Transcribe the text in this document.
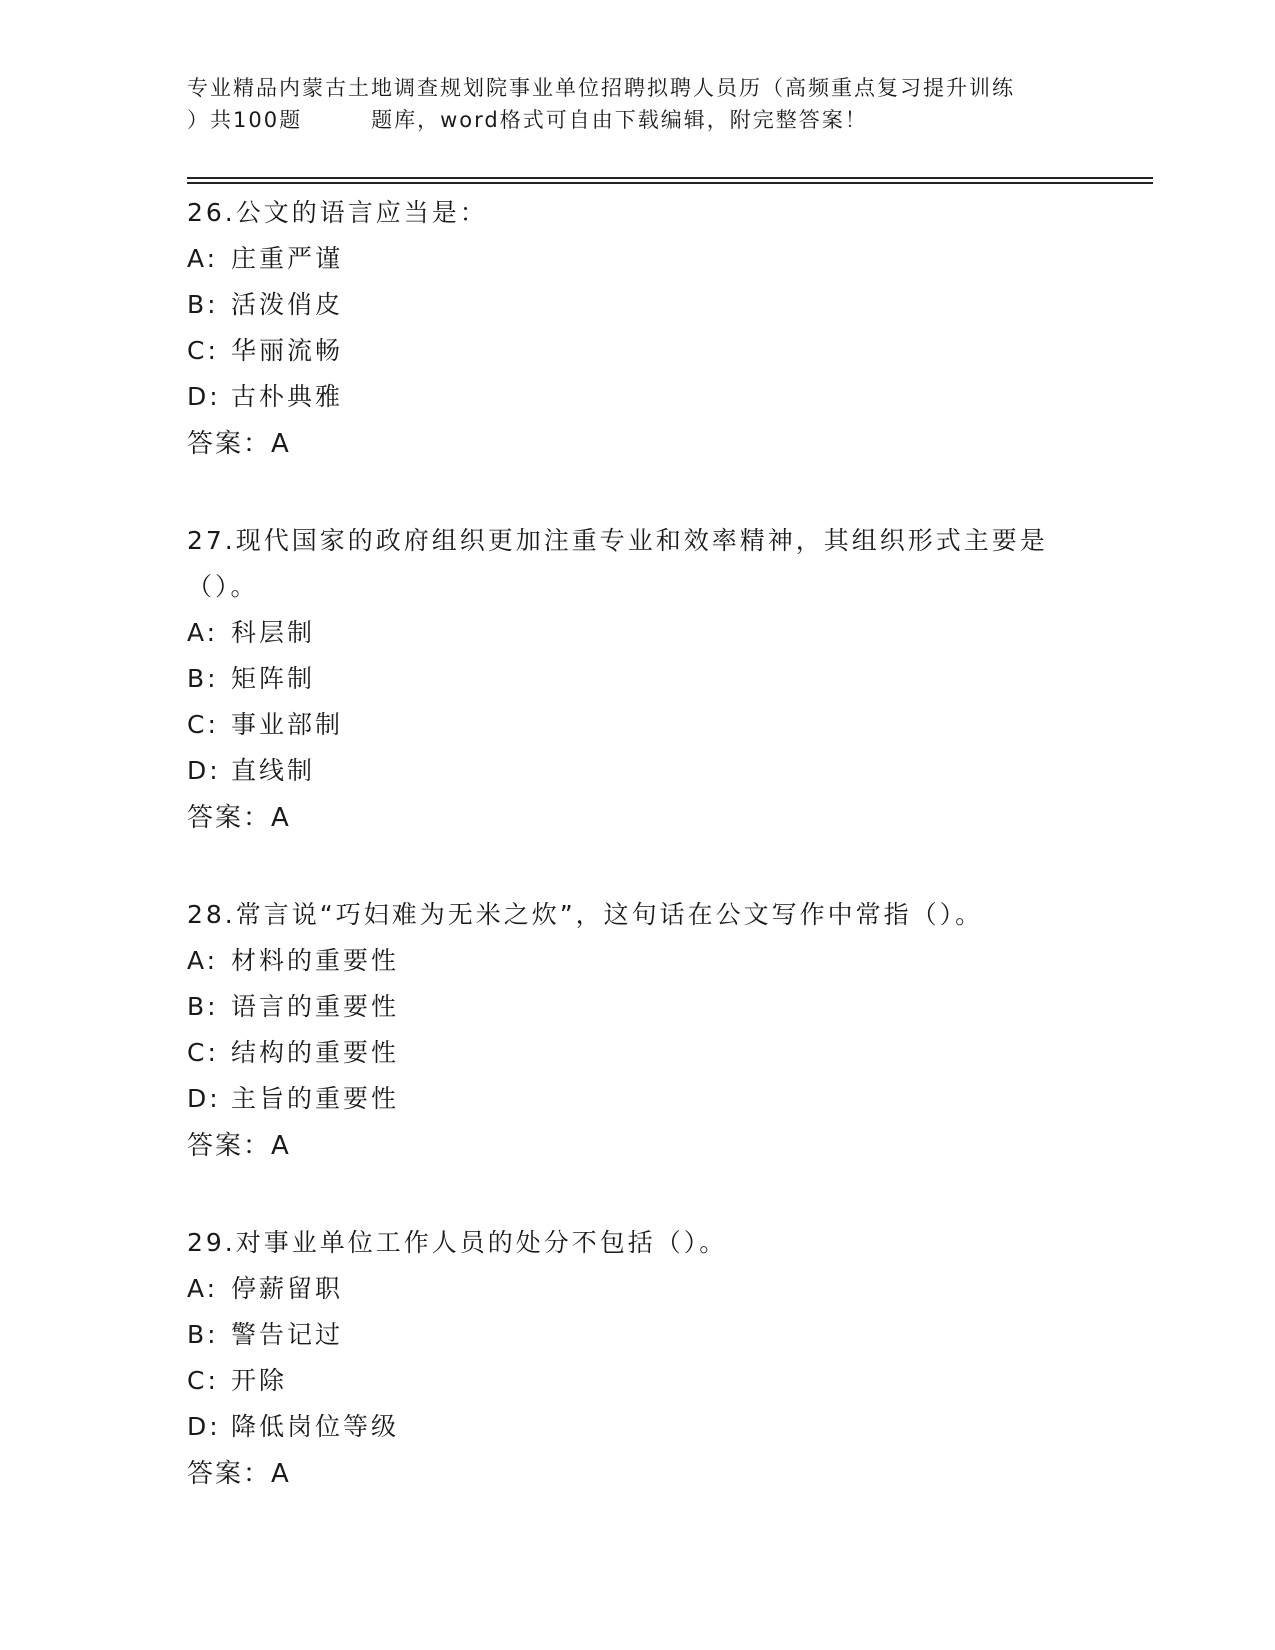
专业精品内蒙古土地调查规划院事业单位招聘拟聘人员历（高频重点复习提升训练
）共100题　　　题库，word格式可自由下载编辑，附完整答案！
26.公文的语言应当是：
A: 庄重严谨
B: 活泼俏皮
C: 华丽流畅
D: 古朴典雅
答案：A
27.现代国家的政府组织更加注重专业和效率精神，其组织形式主要是
（）。
A: 科层制
B: 矩阵制
C: 事业部制
D: 直线制
答案：A
28.常言说“巧妇难为无米之炊”，这句话在公文写作中常指（）。
A: 材料的重要性
B: 语言的重要性
C: 结构的重要性
D: 主旨的重要性
答案：A
29.对事业单位工作人员的处分不包括（）。
A: 停薪留职
B: 警告记过
C: 开除
D: 降低岗位等级
答案：A
